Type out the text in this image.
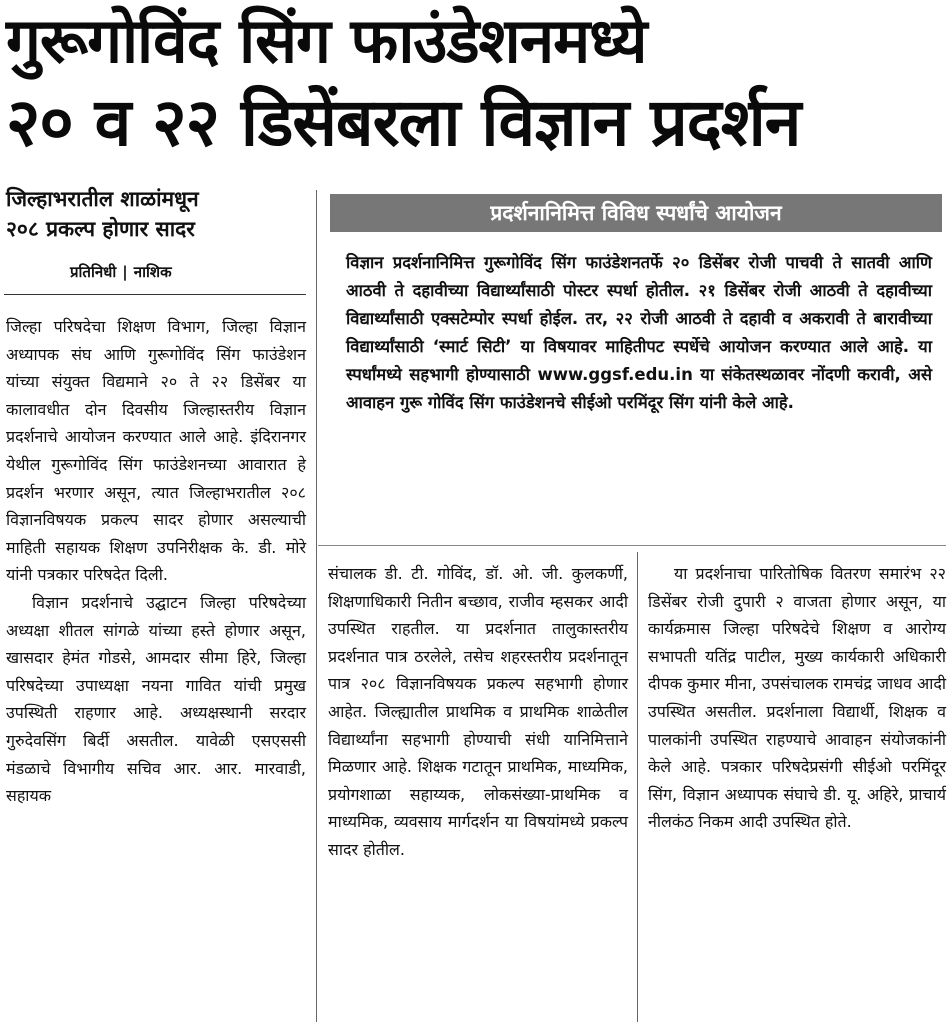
गुरूगोविंद सिंग फाउंडेशनमध्ये
२० व २२ डिसेंबरला विज्ञान प्रदर्शन
जिल्हाभरातील शाळांमधून
२०८ प्रकल्प होणार सादर
प्रतिनिधी | नाशिक
प्रदर्शनानिमित्त विविध स्पर्धांचे आयोजन
विज्ञान प्रदर्शनानिमित्त गुरूगोविंद सिंग फाउंडेशनतर्फे २० डिसेंबर रोजी पाचवी ते सातवी आणि आठवी ते दहावीच्या विद्यार्थ्यांसाठी पोस्टर स्पर्धा होतील. २१ डिसेंबर रोजी आठवी ते दहावीच्या विद्यार्थ्यांसाठी एक्सटेम्पोर स्पर्धा होईल. तर, २२ रोजी आठवी ते दहावी व अकरावी ते बारावीच्या विद्यार्थ्यांसाठी ‘स्मार्ट सिटी’ या विषयावर माहितीपट स्पर्धेचे आयोजन करण्यात आले आहे. या स्पर्धांमध्ये सहभागी होण्यासाठी www.ggsf.edu.in या संकेतस्थळावर नोंदणी करावी, असे आवाहन गुरू गोविंद सिंग फाउंडेशनचे सीईओ परमिंदूर सिंग यांनी केले आहे.

जिल्हा परिषदेचा शिक्षण विभाग, जिल्हा विज्ञान अध्यापक संघ आणि गुरूगोविंद सिंग फाउंडेशन यांच्या संयुक्त विद्यमाने २० ते २२ डिसेंबर या कालावधीत दोन दिवसीय जिल्हास्तरीय विज्ञान प्रदर्शनाचे आयोजन करण्यात आले आहे. इंदिरानगर येथील गुरूगोविंद सिंग फाउंडेशनच्या आवारात हे प्रदर्शन भरणार असून, त्यात जिल्हाभरातील २०८ विज्ञानविषयक प्रकल्प सादर होणार असल्याची माहिती सहायक शिक्षण उपनिरीक्षक के. डी. मोरे यांनी पत्रकार परिषदेत दिली.

विज्ञान प्रदर्शनाचे उद्घाटन जिल्हा परिषदेच्या अध्यक्षा शीतल सांगळे यांच्या हस्ते होणार असून, खासदार हेमंत गोडसे, आमदार सीमा हिरे, जिल्हा परिषदेच्या उपाध्यक्षा नयना गावित यांची प्रमुख उपस्थिती राहणार आहे. अध्यक्षस्थानी सरदार गुरुदेवसिंग बिर्दी असतील. यावेळी एसएससी मंडळाचे विभागीय सचिव आर. आर. मारवाडी, सहायक

संचालक डी. टी. गोविंद, डॉ. ओ. जी. कुलकर्णी, शिक्षणाधिकारी नितीन बच्छाव, राजीव म्हसकर आदी उपस्थित राहतील. या प्रदर्शनात तालुकास्तरीय प्रदर्शनात पात्र ठरलेले, तसेच शहरस्तरीय प्रदर्शनातून पात्र २०८ विज्ञानविषयक प्रकल्प सहभागी होणार आहेत. जिल्ह्यातील प्राथमिक व प्राथमिक शाळेतील विद्यार्थ्यांना सहभागी होण्याची संधी यानिमित्ताने मिळणार आहे. शिक्षक गटातून प्राथमिक, माध्यमिक, प्रयोगशाळा सहाय्यक, लोकसंख्या-प्राथमिक व माध्यमिक, व्यवसाय मार्गदर्शन या विषयांमध्ये प्रकल्प सादर होतील.

या प्रदर्शनाचा पारितोषिक वितरण समारंभ २२ डिसेंबर रोजी दुपारी २ वाजता होणार असून, या कार्यक्रमास जिल्हा परिषदेचे शिक्षण व आरोग्य सभापती यतिंद्र पाटील, मुख्य कार्यकारी अधिकारी दीपक कुमार मीना, उपसंचालक रामचंद्र जाधव आदी उपस्थित असतील. प्रदर्शनाला विद्यार्थी, शिक्षक व पालकांनी उपस्थित राहण्याचे आवाहन संयोजकांनी केले आहे. पत्रकार परिषदेप्रसंगी सीईओ परमिंदूर सिंग, विज्ञान अध्यापक संघाचे डी. यू. अहिरे, प्राचार्य नीलकंठ निकम आदी उपस्थित होते.
